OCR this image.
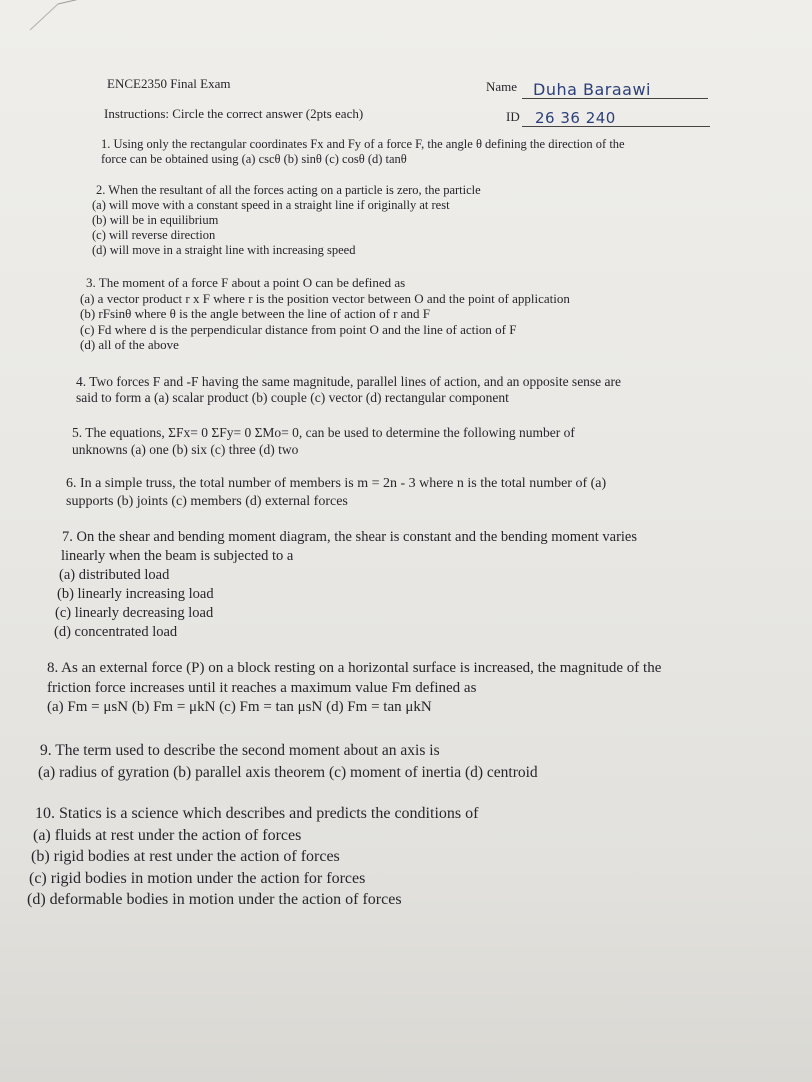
ENCE2350 Final Exam
Instructions: Circle the correct answer (2pts each)
Name Duha Baraawi
ID 26 36 240
1. Using only the rectangular coordinates Fx and Fy of a force F, the angle θ defining the direction of the
force can be obtained using (a) cscθ (b) sinθ (c) cosθ (d) tanθ
2. When the resultant of all the forces acting on a particle is zero, the particle
(a) will move with a constant speed in a straight line if originally at rest
(b) will be in equilibrium
(c) will reverse direction
(d) will move in a straight line with increasing speed
3. The moment of a force F about a point O can be defined as
(a) a vector product r x F where r is the position vector between O and the point of application
(b) rFsinθ where θ is the angle between the line of action of r and F
(c) Fd where d is the perpendicular distance from point O and the line of action of F
(d) all of the above
4. Two forces F and -F having the same magnitude, parallel lines of action, and an opposite sense are
said to form a (a) scalar product (b) couple (c) vector (d) rectangular component
5. The equations, ΣFx= 0 ΣFy= 0 ΣMo= 0, can be used to determine the following number of
unknowns (a) one (b) six (c) three (d) two
6. In a simple truss, the total number of members is m = 2n - 3 where n is the total number of (a)
supports (b) joints (c) members (d) external forces
7. On the shear and bending moment diagram, the shear is constant and the bending moment varies
linearly when the beam is subjected to a
(a) distributed load
(b) linearly increasing load
(c) linearly decreasing load
(d) concentrated load
8. As an external force (P) on a block resting on a horizontal surface is increased, the magnitude of the
friction force increases until it reaches a maximum value Fm defined as
(a) Fm = μsN (b) Fm = μkN (c) Fm = tan μsN (d) Fm = tan μkN
9. The term used to describe the second moment about an axis is
(a) radius of gyration (b) parallel axis theorem (c) moment of inertia (d) centroid
10. Statics is a science which describes and predicts the conditions of
(a) fluids at rest under the action of forces
(b) rigid bodies at rest under the action of forces
(c) rigid bodies in motion under the action for forces
(d) deformable bodies in motion under the action of forces
